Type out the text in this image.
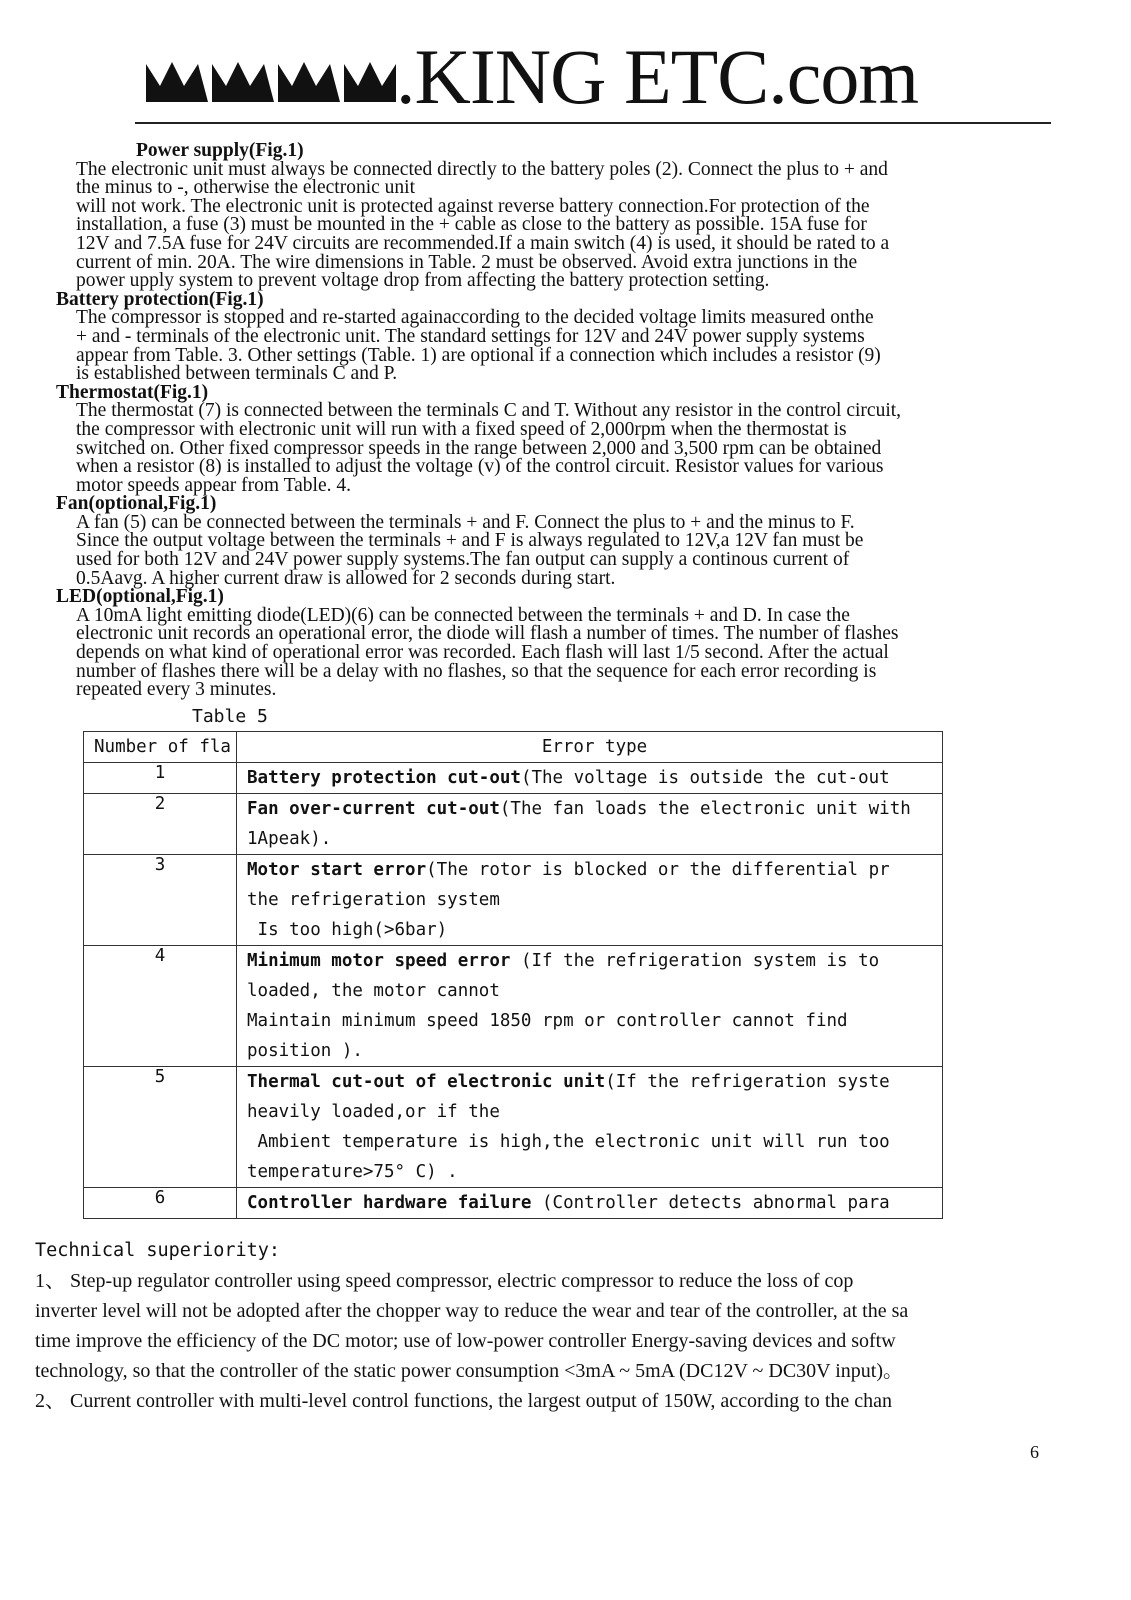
.KING ETC.com
Power supply(Fig.1)
The electronic unit must always be connected directly to the battery poles (2). Connect the plus to + and
the minus to -, otherwise the electronic unit
will not work. The electronic unit is protected against reverse battery connection.For protection of the
installation, a fuse (3) must be mounted in the + cable as close to the battery as possible. 15A fuse for
12V and 7.5A fuse for 24V circuits are recommended.If a main switch (4) is used, it should be rated to a
current of min. 20A. The wire dimensions in Table. 2 must be observed. Avoid extra junctions in the
power upply system to prevent voltage drop from affecting the battery protection setting.
Battery protection(Fig.1)
The compressor is stopped and re-started againaccording to the decided voltage limits measured onthe
+ and - terminals of the electronic unit. The standard settings for 12V and 24V power supply systems
appear from Table. 3. Other settings (Table. 1) are optional if a connection which includes a resistor (9)
is established between terminals C and P.
Thermostat(Fig.1)
The thermostat (7) is connected between the terminals C and T. Without any resistor in the control circuit,
the compressor with electronic unit will run with a fixed speed of 2,000rpm when the thermostat is
switched on. Other fixed compressor speeds in the range between 2,000 and 3,500 rpm can be obtained
when a resistor (8) is installed to adjust the voltage (v) of the control circuit. Resistor values for various
motor speeds appear from Table. 4.
Fan(optional,Fig.1)
A fan (5) can be connected between the terminals + and F. Connect the plus to + and the minus to F.
Since the output voltage between the terminals + and F is always regulated to 12V,a 12V fan must be
used for both 12V and 24V power supply systems.The fan output can supply a continous current of
0.5Aavg. A higher current draw is allowed for 2 seconds during start.
LED(optional,Fig.1)
A 10mA light emitting diode(LED)(6) can be connected between the terminals + and D. In case the
electronic unit records an operational error, the diode will flash a number of times. The number of flashes
depends on what kind of operational error was recorded. Each flash will last 1/5 second. After the actual
number of flashes there will be a delay with no flashes, so that the sequence for each error recording is
repeated every 3 minutes.
Table 5
Number of fla	Error type
1	Battery protection cut-out(The voltage is outside the cut-out

2	Fan over-current cut-out(The fan loads the electronic unit with
1Apeak).

3	Motor start error(The rotor is blocked or the differential pr
the refrigeration system
Is too high(>6bar)

4	Minimum motor speed error (If the refrigeration system is to
loaded, the motor cannot
Maintain minimum speed 1850 rpm or controller cannot find
position ).

5	Thermal cut-out of electronic unit(If the refrigeration syste
heavily loaded,or if the
Ambient temperature is high,the electronic unit will run too
temperature>75° C) .

6	Controller hardware failure (Controller detects abnormal para
Technical superiority:
1、 Step-up regulator controller using speed compressor, electric compressor to reduce the loss of cop
inverter level will not be adopted after the chopper way to reduce the wear and tear of the controller, at the sa
time improve the efficiency of the DC motor; use of low-power controller Energy-saving devices and softw
technology, so that the controller of the static power consumption <3mA ~ 5mA (DC12V ~ DC30V input)。
2、 Current controller with multi-level control functions, the largest output of 150W, according to the chan
6
